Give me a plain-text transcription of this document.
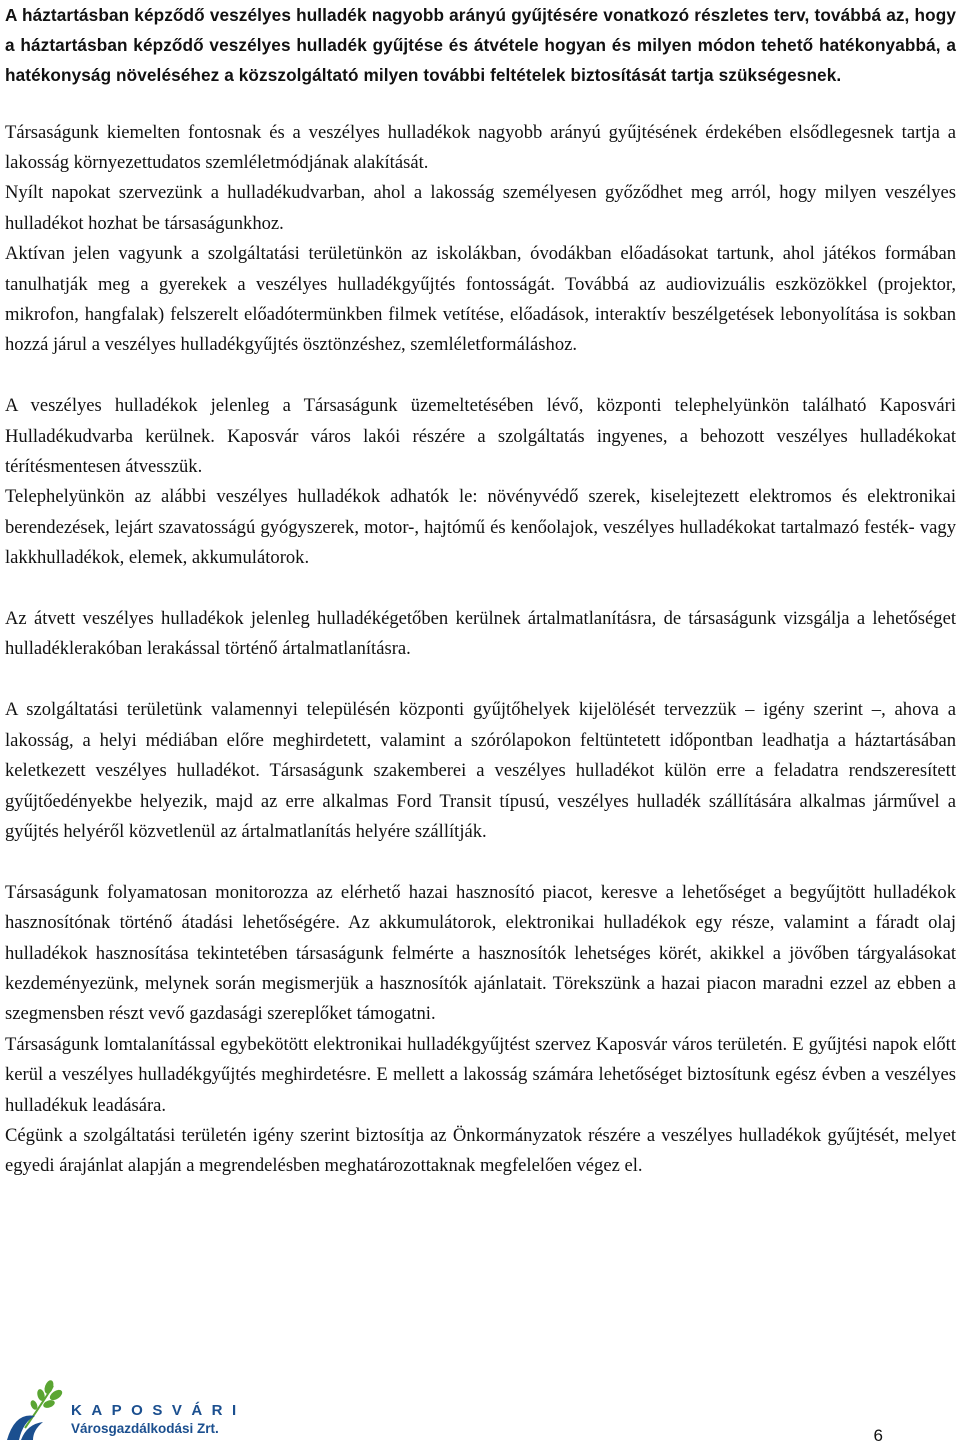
A háztartásban képződő veszélyes hulladék nagyobb arányú gyűjtésére vonatkozó részletes terv, továbbá az, hogy a háztartásban képződő veszélyes hulladék gyűjtése és átvétele hogyan és milyen módon tehető hatékonyabbá, a hatékonyság növeléséhez a közszolgáltató milyen további feltételek biztosítását tartja szükségesnek.

Társaságunk kiemelten fontosnak és a veszélyes hulladékok nagyobb arányú gyűjtésének érdekében elsődlegesnek tartja a lakosság környezettudatos szemléletmódjának alakítását.

Nyílt napokat szervezünk a hulladékudvarban, ahol a lakosság személyesen győződhet meg arról, hogy milyen veszélyes hulladékot hozhat be társaságunkhoz.

Aktívan jelen vagyunk a szolgáltatási területünkön az iskolákban, óvodákban előadásokat tartunk, ahol játékos formában tanulhatják meg a gyerekek a veszélyes hulladékgyűjtés fontosságát. Továbbá az audiovizuális eszközökkel (projektor, mikrofon, hangfalak) felszerelt előadótermünkben filmek vetítése, előadások, interaktív beszélgetések lebonyolítása is sokban hozzá járul a veszélyes hulladékgyűjtés ösztönzéshez, szemléletformáláshoz.

A veszélyes hulladékok jelenleg a Társaságunk üzemeltetésében lévő, központi telephelyünkön található Kaposvári Hulladékudvarba kerülnek. Kaposvár város lakói részére a szolgáltatás ingyenes, a behozott veszélyes hulladékokat térítésmentesen átvesszük.

Telephelyünkön az alábbi veszélyes hulladékok adhatók le: növényvédő szerek, kiselejtezett elektromos és elektronikai berendezések, lejárt szavatosságú gyógyszerek, motor-, hajtómű és kenőolajok, veszélyes hulladékokat tartalmazó festék- vagy lakkhulladékok, elemek, akkumulátorok.

Az átvett veszélyes hulladékok jelenleg hulladékégetőben kerülnek ártalmatlanításra, de társaságunk vizsgálja a lehetőséget hulladéklerakóban lerakással történő ártalmatlanításra.

A szolgáltatási területünk valamennyi településén központi gyűjtőhelyek kijelölését tervezzük – igény szerint –, ahova a lakosság, a helyi médiában előre meghirdetett, valamint a szórólapokon feltüntetett időpontban leadhatja a háztartásában keletkezett veszélyes hulladékot. Társaságunk szakemberei a veszélyes hulladékot külön erre a feladatra rendszeresített gyűjtőedényekbe helyezik, majd az erre alkalmas Ford Transit típusú, veszélyes hulladék szállítására alkalmas járművel a gyűjtés helyéről közvetlenül az ártalmatlanítás helyére szállítják.

Társaságunk folyamatosan monitorozza az elérhető hazai hasznosító piacot, keresve a lehetőséget a begyűjtött hulladékok hasznosítónak történő átadási lehetőségére. Az akkumulátorok, elektronikai hulladékok egy része, valamint a fáradt olaj hulladékok hasznosítása tekintetében társaságunk felmérte a hasznosítók lehetséges körét, akikkel a jövőben tárgyalásokat kezdeményezünk, melynek során megismerjük a hasznosítók ajánlatait. Törekszünk a hazai piacon maradni ezzel az ebben a szegmensben részt vevő gazdasági szereplőket támogatni.

Társaságunk lomtalanítással egybekötött elektronikai hulladékgyűjtést szervez Kaposvár város területén. E gyűjtési napok előtt kerül a veszélyes hulladékgyűjtés meghirdetésre. E mellett a lakosság számára lehetőséget biztosítunk egész évben a veszélyes hulladékuk leadására.

Cégünk a szolgáltatási területén igény szerint biztosítja az Önkormányzatok részére a veszélyes hulladékok gyűjtését, melyet egyedi árajánlat alapján a megrendelésben meghatározottaknak megfelelően végez el.

KAPOSVÁRI
Városgazdálkodási Zrt.	6
